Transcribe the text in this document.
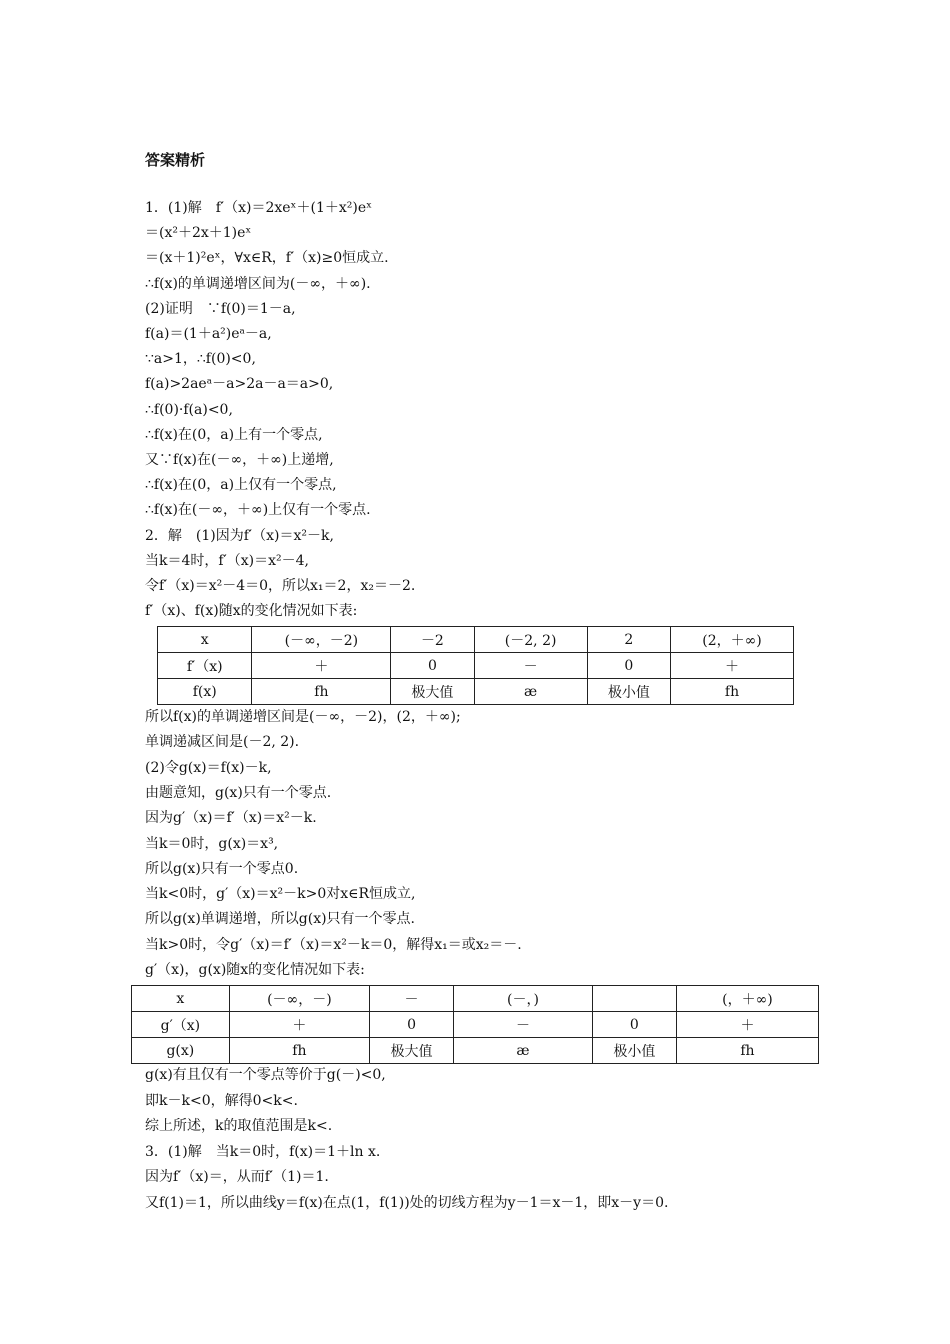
答案精析
1．(1)解　f′（x)＝2xeˣ＋(1＋x²)eˣ
＝(x²＋2x＋1)eˣ
＝(x＋1)²eˣ，∀x∈R，f′（x)≥0恒成立.
∴f(x)的单调递增区间为(－∞，＋∞).
(2)证明　∵f(0)＝1－a,
f(a)＝(1＋a²)eᵃ－a,
∵a>1，∴f(0)<0,
f(a)>2aeᵃ－a>2a－a＝a>0,
∴f(0)·f(a)<0,
∴f(x)在(0，a)上有一个零点,
又∵f(x)在(－∞，＋∞)上递增,
∴f(x)在(0，a)上仅有一个零点,
∴f(x)在(－∞，＋∞)上仅有一个零点.
2．解　(1)因为f′（x)＝x²－k,
当k＝4时，f′（x)＝x²－4,
令f′（x)＝x²－4＝0，所以x₁＝2，x₂＝－2.
f′（x)、f(x)随x的变化情况如下表:
x	(－∞，－2)	－2	(－2, 2)	2	(2，＋∞)
f′（x)	＋	0	－	0	＋
f(x)	fh	极大值	æ	极小值	fh
所以f(x)的单调递增区间是(－∞，－2)，(2，＋∞);
单调递减区间是(－2, 2).
(2)令g(x)＝f(x)－k,
由题意知，g(x)只有一个零点.
因为g′（x)＝f′（x)＝x²－k.
当k＝0时，g(x)＝x³,
所以g(x)只有一个零点0.
当k<0时，g′（x)＝x²－k>0对x∈R恒成立,
所以g(x)单调递增，所以g(x)只有一个零点.
当k>0时，令g′（x)＝f′（x)＝x²－k＝0，解得x₁＝或x₂＝－.
g′（x)，g(x)随x的变化情况如下表:
x	(－∞，－)	－	(－，)		(，＋∞)
g′（x)	＋	0	－	0	＋
g(x)	fh	极大值	æ	极小值	fh
g(x)有且仅有一个零点等价于g(－)<0,
即k－k<0，解得0<k<.
综上所述，k的取值范围是k<.
3．(1)解　当k＝0时，f(x)＝1＋ln x.
因为f′（x)＝，从而f′（1)＝1.
又f(1)＝1，所以曲线y＝f(x)在点(1，f(1))处的切线方程为y－1＝x－1，即x－y＝0.
